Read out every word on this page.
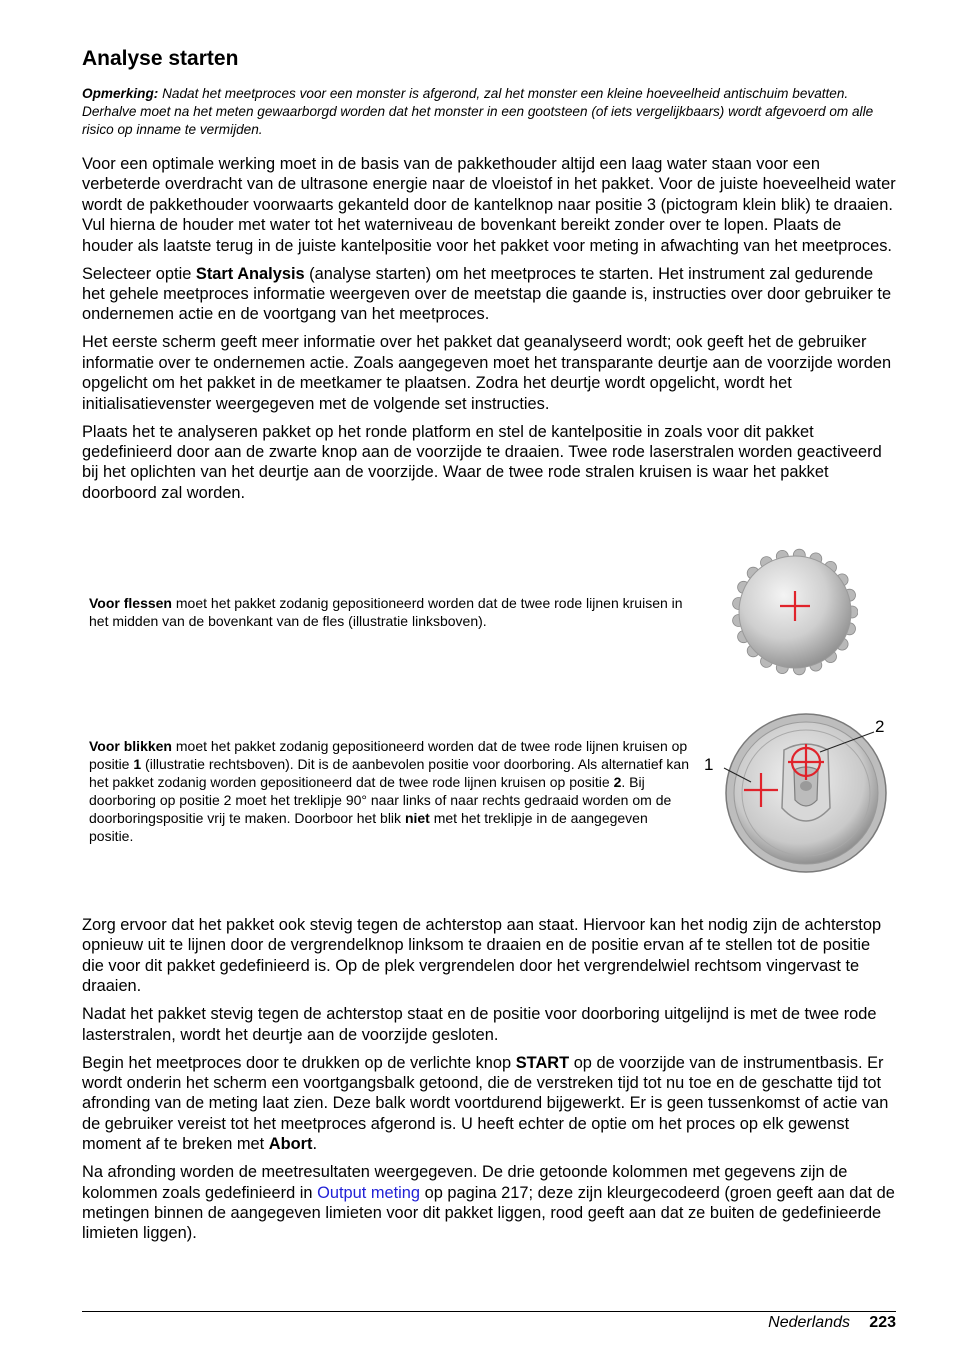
Analyse starten
Opmerking: Nadat het meetproces voor een monster is afgerond, zal het monster een kleine hoeveelheid antischuim bevatten. Derhalve moet na het meten gewaarborgd worden dat het monster in een gootsteen (of iets vergelijkbaars) wordt afgevoerd om alle risico op inname te vermijden.

Voor een optimale werking moet in de basis van de pakkethouder altijd een laag water staan voor een verbeterde overdracht van de ultrasone energie naar de vloeistof in het pakket. Voor de juiste hoeveelheid water wordt de pakkethouder voorwaarts gekanteld door de kantelknop naar positie 3 (pictogram klein blik) te draaien. Vul hierna de houder met water tot het waterniveau de bovenkant bereikt zonder over te lopen. Plaats de houder als laatste terug in de juiste kantelpositie voor het pakket voor meting in afwachting van het meetproces.

Selecteer optie Start Analysis (analyse starten) om het meetproces te starten. Het instrument zal gedurende het gehele meetproces informatie weergeven over de meetstap die gaande is, instructies over door gebruiker te ondernemen actie en de voortgang van het meetproces.

Het eerste scherm geeft meer informatie over het pakket dat geanalyseerd wordt; ook geeft het de gebruiker informatie over te ondernemen actie. Zoals aangegeven moet het transparante deurtje aan de voorzijde worden opgelicht om het pakket in de meetkamer te plaatsen. Zodra het deurtje wordt opgelicht, wordt het initialisatievenster weergegeven met de volgende set instructies.

Plaats het te analyseren pakket op het ronde platform en stel de kantelpositie in zoals voor dit pakket gedefinieerd door aan de zwarte knop aan de voorzijde te draaien. Twee rode laserstralen worden geactiveerd bij het oplichten van het deurtje aan de voorzijde. Waar de twee rode stralen kruisen is waar het pakket doorboord zal worden.

Voor flessen moet het pakket zodanig gepositioneerd worden dat de twee rode lijnen kruisen in het midden van de bovenkant van de fles (illustratie linksboven).
Voor blikken moet het pakket zodanig gepositioneerd worden dat de twee rode lijnen kruisen op positie 1 (illustratie rechtsboven). Dit is de aanbevolen positie voor doorboring. Als alternatief kan het pakket zodanig worden gepositioneerd dat de twee rode lijnen kruisen op positie 2. Bij doorboring op positie 2 moet het treklipje 90° naar links of naar rechts gedraaid worden om de doorboringspositie vrij te maken. Doorboor het blik niet met het treklipje in de aangegeven positie.
1
2

Zorg ervoor dat het pakket ook stevig tegen de achterstop aan staat. Hiervoor kan het nodig zijn de achterstop opnieuw uit te lijnen door de vergrendelknop linksom te draaien en de positie ervan af te stellen tot de positie die voor dit pakket gedefinieerd is. Op de plek vergrendelen door het vergrendelwiel rechtsom vingervast te draaien.

Nadat het pakket stevig tegen de achterstop staat en de positie voor doorboring uitgelijnd is met de twee rode lasterstralen, wordt het deurtje aan de voorzijde gesloten.

Begin het meetproces door te drukken op de verlichte knop START op de voorzijde van de instrumentbasis. Er wordt onderin het scherm een voortgangsbalk getoond, die de verstreken tijd tot nu toe en de geschatte tijd tot afronding van de meting laat zien. Deze balk wordt voortdurend bijgewerkt. Er is geen tussenkomst of actie van de gebruiker vereist tot het meetproces afgerond is. U heeft echter de optie om het proces op elk gewenst moment af te breken met Abort.

Na afronding worden de meetresultaten weergegeven. De drie getoonde kolommen met gegevens zijn de kolommen zoals gedefinieerd in Output meting op pagina 217; deze zijn kleurgecodeerd (groen geeft aan dat de metingen binnen de aangegeven limieten voor dit pakket liggen, rood geeft aan dat ze buiten de gedefinieerde limieten liggen).

Nederlands 223
